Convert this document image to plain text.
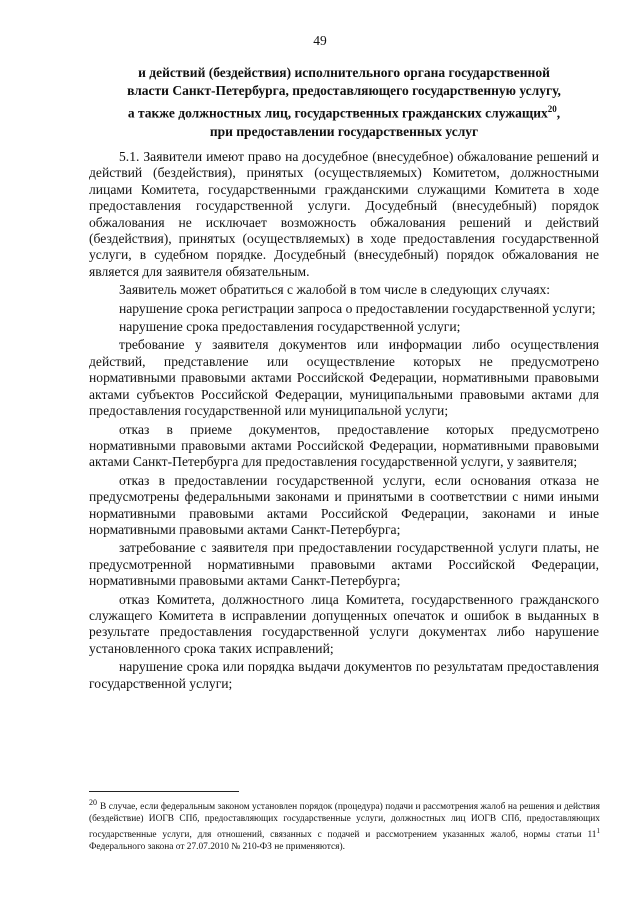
49
и действий (бездействия) исполнительного органа государственной
власти Санкт-Петербурга, предоставляющего государственную услугу,
а также должностных лиц, государственных гражданских служащих$^{20}$,
при предоставлении государственных услуг

5.1. Заявители имеют право на досудебное (внесудебное) обжалование решений и действий (бездействия), принятых (осуществляемых) Комитетом, должностными лицами Комитета, государственными гражданскими служащими Комитета в ходе предоставления государственной услуги. Досудебный (внесудебный) порядок обжалования не исключает возможность обжалования решений и действий (бездействия), принятых (осуществляемых) в ходе предоставления государственной услуги, в судебном порядке. Досудебный (внесудебный) порядок обжалования не является для заявителя обязательным.

Заявитель может обратиться с жалобой в том числе в следующих случаях:

нарушение срока регистрации запроса о предоставлении государственной услуги;

нарушение срока предоставления государственной услуги;

требование у заявителя документов или информации либо осуществления действий, представление или осуществление которых не предусмотрено нормативными правовыми актами Российской Федерации, нормативными правовыми актами субъектов Российской Федерации, муниципальными правовыми актами для предоставления государственной или муниципальной услуги;

отказ в приеме документов, предоставление которых предусмотрено нормативными правовыми актами Российской Федерации, нормативными правовыми актами Санкт-Петербурга для предоставления государственной услуги, у заявителя;

отказ в предоставлении государственной услуги, если основания отказа не предусмотрены федеральными законами и принятыми в соответствии с ними иными нормативными правовыми актами Российской Федерации, законами и иные нормативными правовыми актами Санкт-Петербурга;

затребование с заявителя при предоставлении государственной услуги платы, не предусмотренной нормативными правовыми актами Российской Федерации, нормативными правовыми актами Санкт-Петербурга;

отказ Комитета, должностного лица Комитета, государственного гражданского служащего Комитета в исправлении допущенных опечаток и ошибок в выданных в результате предоставления государственной услуги документах либо нарушение установленного срока таких исправлений;

нарушение срока или порядка выдачи документов по результатам предоставления государственной услуги;

20 В случае, если федеральным законом установлен порядок (процедура) подачи и рассмотрения жалоб на решения и действия (бездействие) ИОГВ СПб, предоставляющих государственные услуги, должностных лиц ИОГВ СПб, предоставляющих государственные услуги, для отношений, связанных с подачей и рассмотрением указанных жалоб, нормы статьи $11^1$ Федерального закона от 27.07.2010 № 210-ФЗ не применяются).
